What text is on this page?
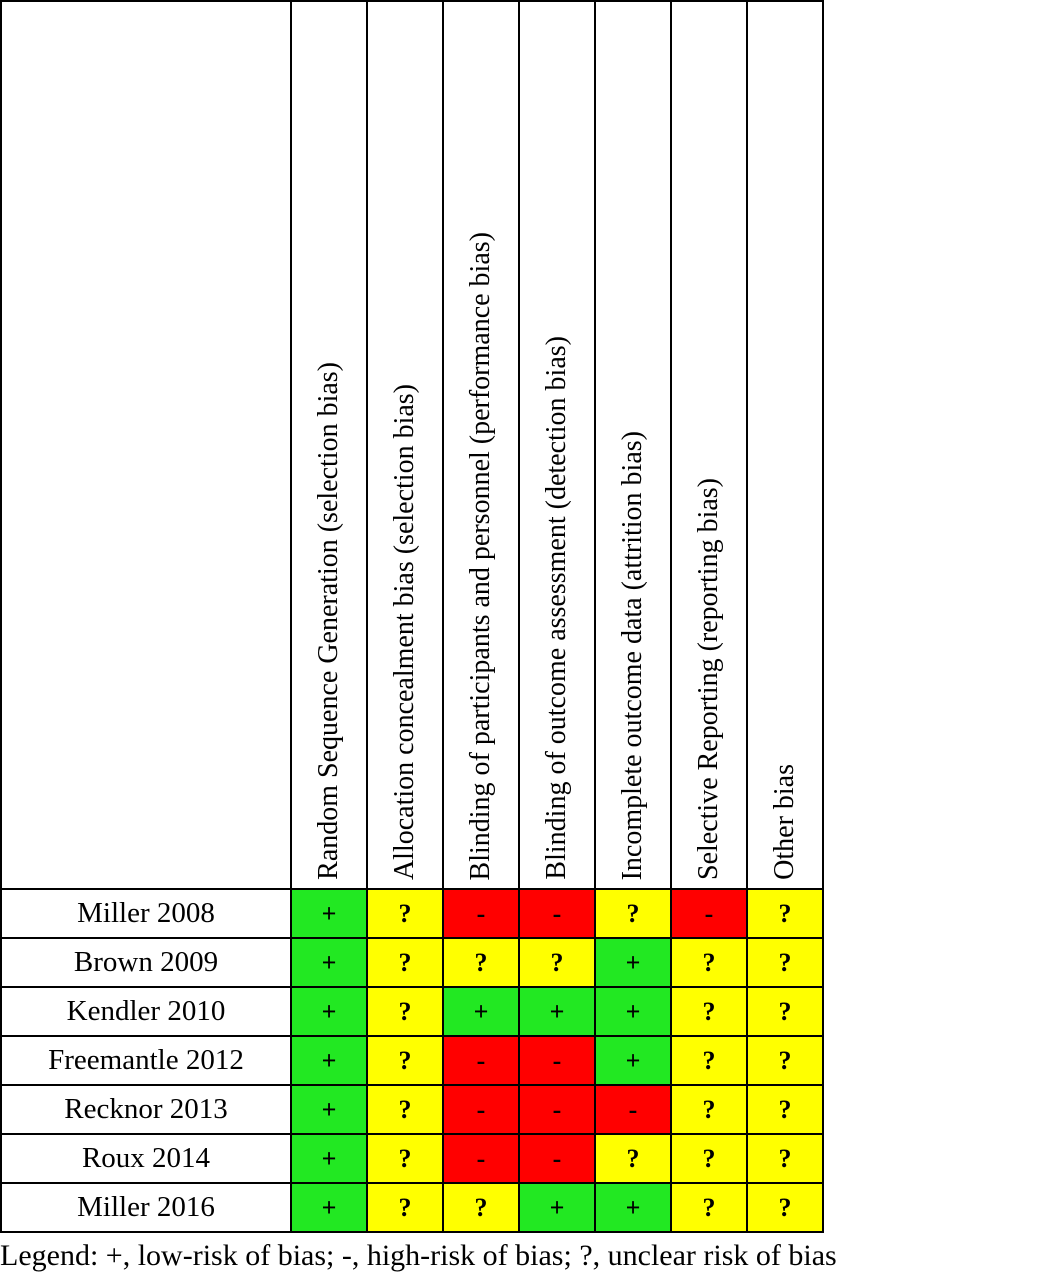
	Random Sequence Generation (selection bias)	Allocation concealment bias (selection bias)	Blinding of participants and personnel (performance bias)	Blinding of outcome assessment (detection bias)	Incomplete outcome data (attrition bias)	Selective Reporting (reporting bias)	Other bias

Miller 2008	+	?	-	-	?	-	?
Brown 2009	+	?	?	?	+	?	?
Kendler 2010	+	?	+	+	+	?	?
Freemantle 2012	+	?	-	-	+	?	?
Recknor 2013	+	?	-	-	-	?	?
Roux 2014	+	?	-	-	?	?	?
Miller 2016	+	?	?	+	+	?	?
Legend: +, low-risk of bias; -, high-risk of bias; ?, unclear risk of bias
